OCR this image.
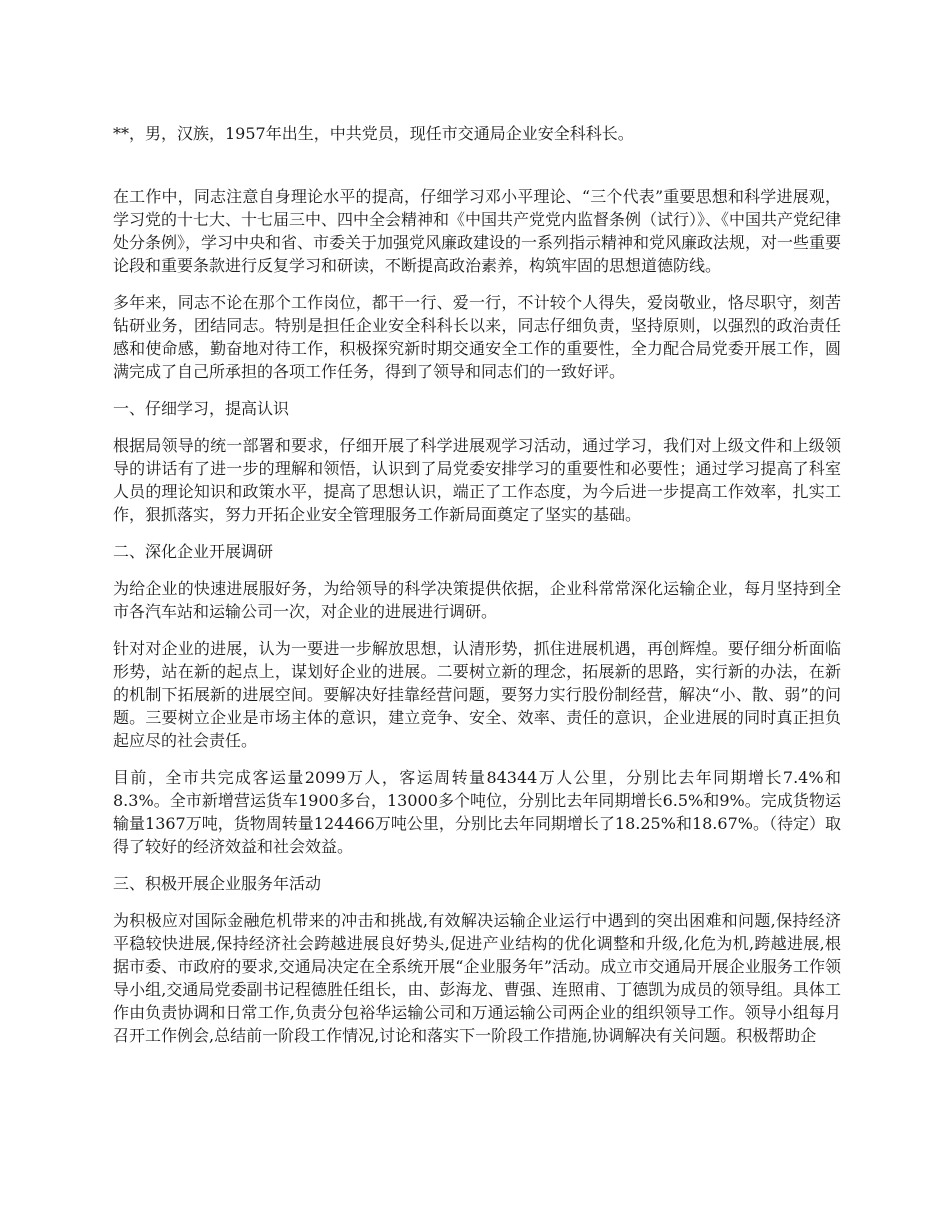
**，男，汉族，1957年出生，中共党员，现任市交通局企业安全科科长。

在工作中，同志注意自身理论水平的提高，仔细学习邓小平理论、“三个代表”重要思想和科学进展观，学习党的十七大、十七届三中、四中全会精神和《中国共产党党内监督条例（试行）》、《中国共产党纪律处分条例》，学习中央和省、市委关于加强党风廉政建设的一系列指示精神和党风廉政法规，对一些重要论段和重要条款进行反复学习和研读，不断提高政治素养，构筑牢固的思想道德防线。

多年来，同志不论在那个工作岗位，都干一行、爱一行，不计较个人得失，爱岗敬业，恪尽职守，刻苦钻研业务，团结同志。特别是担任企业安全科科长以来，同志仔细负责，坚持原则，以强烈的政治责任感和使命感，勤奋地对待工作，积极探究新时期交通安全工作的重要性，全力配合局党委开展工作，圆满完成了自己所承担的各项工作任务，得到了领导和同志们的一致好评。

一、仔细学习，提高认识

根据局领导的统一部署和要求，仔细开展了科学进展观学习活动，通过学习，我们对上级文件和上级领导的讲话有了进一步的理解和领悟，认识到了局党委安排学习的重要性和必要性；通过学习提高了科室人员的理论知识和政策水平，提高了思想认识，端正了工作态度，为今后进一步提高工作效率，扎实工作，狠抓落实，努力开拓企业安全管理服务工作新局面奠定了坚实的基础。

二、深化企业开展调研

为给企业的快速进展服好务，为给领导的科学决策提供依据，企业科常常深化运输企业，每月坚持到全市各汽车站和运输公司一次，对企业的进展进行调研。

针对对企业的进展，认为一要进一步解放思想，认清形势，抓住进展机遇，再创辉煌。要仔细分析面临形势，站在新的起点上，谋划好企业的进展。二要树立新的理念，拓展新的思路，实行新的办法，在新的机制下拓展新的进展空间。要解决好挂靠经营问题，要努力实行股份制经营，解决“小、散、弱”的问题。三要树立企业是市场主体的意识，建立竞争、安全、效率、责任的意识，企业进展的同时真正担负起应尽的社会责任。

目前，全市共完成客运量2099万人，客运周转量84344万人公里，分别比去年同期增长7.4%和8.3%。全市新增营运货车1900多台，13000多个吨位，分别比去年同期增长6.5%和9%。完成货物运输量1367万吨，货物周转量124466万吨公里，分别比去年同期增长了18.25%和18.67%。（待定）取得了较好的经济效益和社会效益。

三、积极开展企业服务年活动

为积极应对国际金融危机带来的冲击和挑战,有效解决运输企业运行中遇到的突出困难和问题,保持经济平稳较快进展,保持经济社会跨越进展良好势头,促进产业结构的优化调整和升级,化危为机,跨越进展,根据市委、市政府的要求,交通局决定在全系统开展“企业服务年”活动。成立市交通局开展企业服务工作领导小组,交通局党委副书记程德胜任组长，由、彭海龙、曹强、连照甫、丁德凯为成员的领导组。具体工作由负责协调和日常工作,负责分包裕华运输公司和万通运输公司两企业的组织领导工作。领导小组每月召开工作例会,总结前一阶段工作情况,讨论和落实下一阶段工作措施,协调解决有关问题。积极帮助企
